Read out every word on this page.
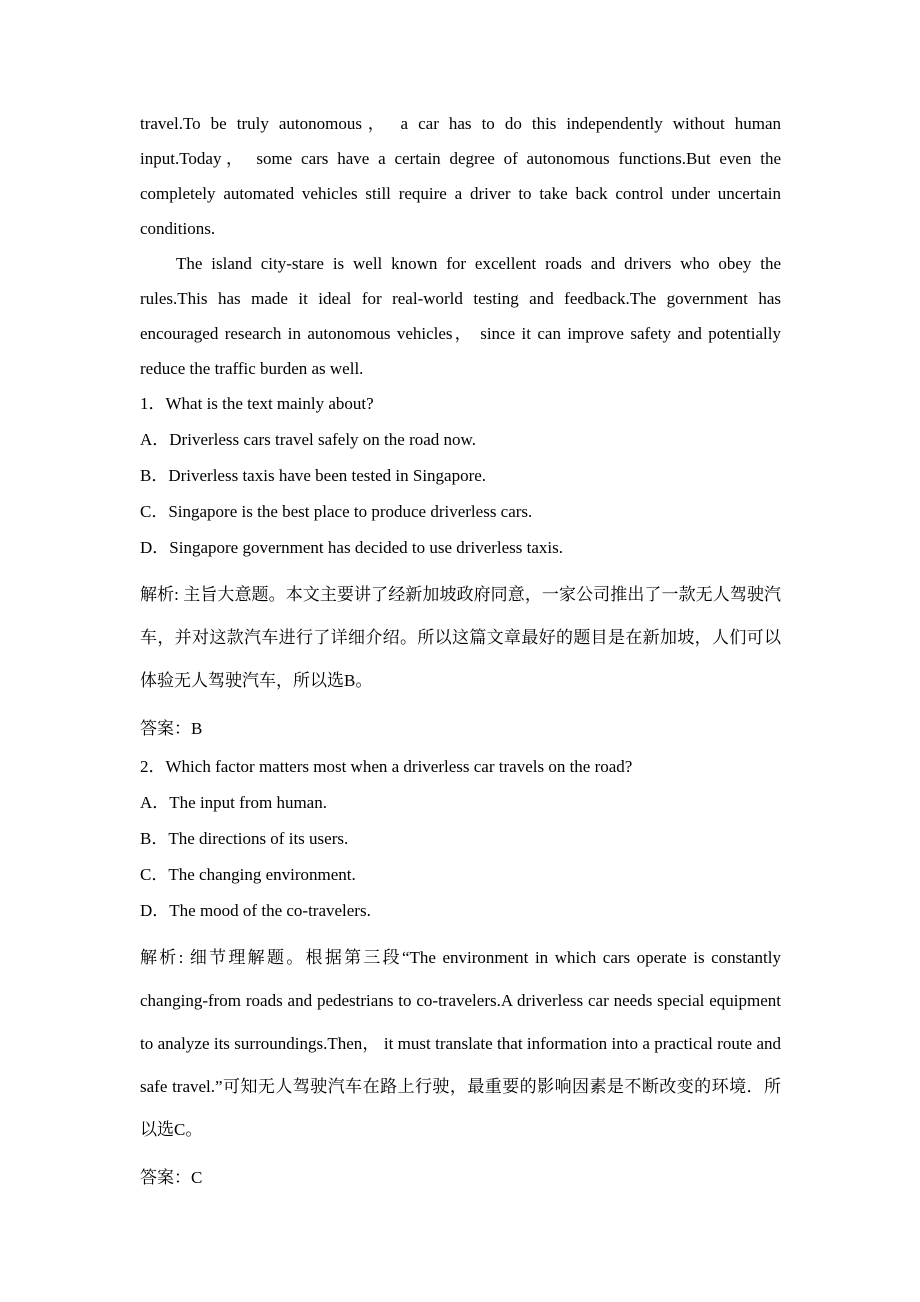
travel.To be truly autonomous， a car has to do this independently without human input.Today， some cars have a certain degree of autonomous functions.But even the completely automated vehicles still require a driver to take back control under uncertain conditions.

The island city-stare is well known for excellent roads and drivers who obey the rules.This has made it ideal for real-world testing and feedback.The government has encouraged research in autonomous vehicles， since it can improve safety and potentially reduce the traffic burden as well.

1．What is the text mainly about?

A．Driverless cars travel safely on the road now.

B．Driverless taxis have been tested in Singapore.

C．Singapore is the best place to produce driverless cars.

D．Singapore government has decided to use driverless taxis.

解析: 主旨大意题。本文主要讲了经新加坡政府同意，一家公司推出了一款无人驾驶汽车，并对这款汽车进行了详细介绍。所以这篇文章最好的题目是在新加坡，人们可以体验无人驾驶汽车，所以选B。

答案：B

2．Which factor matters most when a driverless car travels on the road?

A．The input from human.

B．The directions of its users.

C．The changing environment.

D．The mood of the co-travelers.

解析: 细节理解题。根据第三段“The environment in which cars operate is constantly changing-from roads and pedestrians to co-travelers.A driverless car needs special equipment to analyze its surroundings.Then， it must translate that information into a practical route and safe travel.”可知无人驾驶汽车在路上行驶，最重要的影响因素是不断改变的环境．所以选C。

答案：C
